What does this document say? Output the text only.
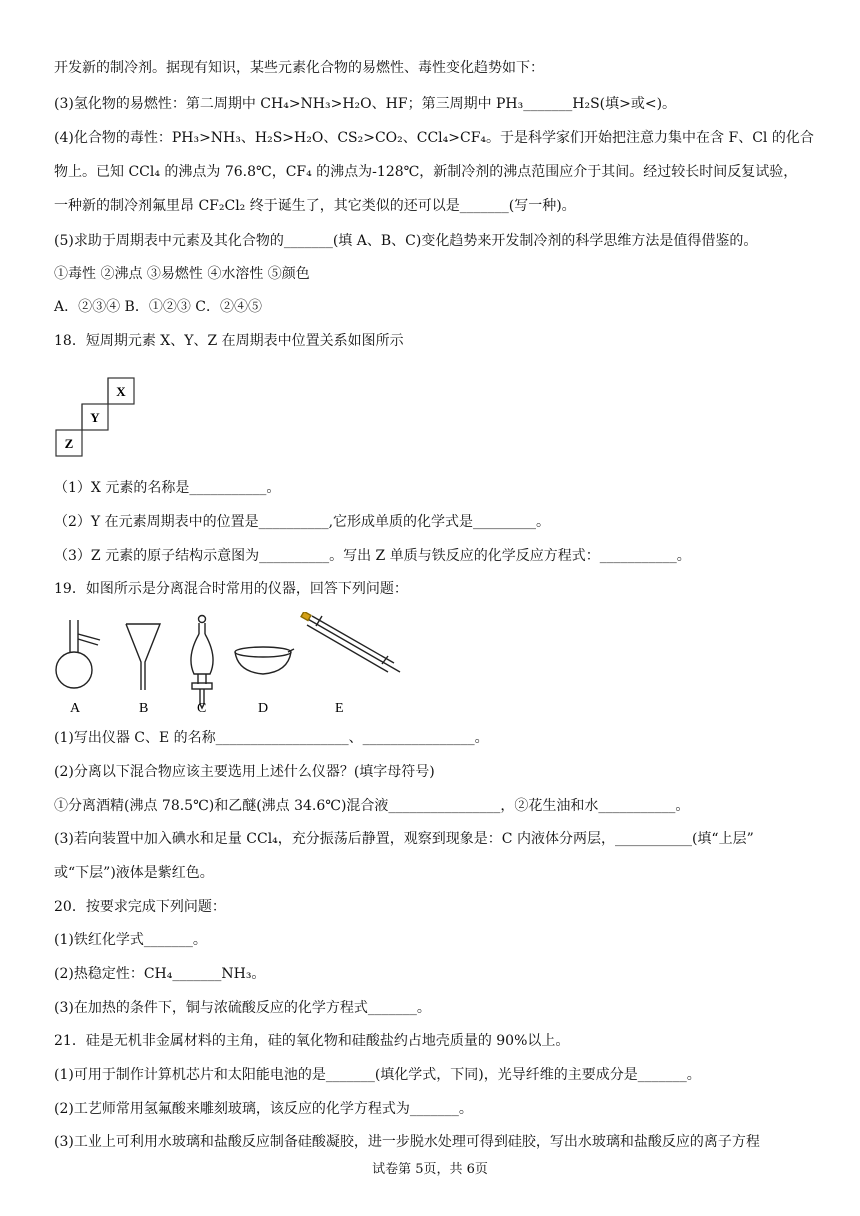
开发新的制冷剂。据现有知识，某些元素化合物的易燃性、毒性变化趋势如下：
(3)氢化物的易燃性：第二周期中 CH₄>NH₃>H₂O、HF；第三周期中 PH₃_______H₂S(填>或<)。
(4)化合物的毒性：PH₃>NH₃、H₂S>H₂O、CS₂>CO₂、CCl₄>CF₄。于是科学家们开始把注意力集中在含 F、Cl 的化合
物上。已知 CCl₄ 的沸点为 76.8℃，CF₄ 的沸点为-128℃，新制冷剂的沸点范围应介于其间。经过较长时间反复试验，
一种新的制冷剂氟里昂 CF₂Cl₂ 终于诞生了，其它类似的还可以是_______(写一种)。
(5)求助于周期表中元素及其化合物的_______(填 A、B、C)变化趋势来开发制冷剂的科学思维方法是值得借鉴的。
①毒性 ②沸点 ③易燃性 ④水溶性 ⑤颜色
A．②③④ B．①②③ C．②④⑤
18．短周期元素 X、Y、Z 在周期表中位置关系如图所示
X
Y
Z
（1）X 元素的名称是___________。
（2）Y 在元素周期表中的位置是__________,它形成单质的化学式是_________。
（3）Z 元素的原子结构示意图为__________。写出 Z 单质与铁反应的化学反应方程式：___________。
19．如图所示是分离混合时常用的仪器，回答下列问题：
A	B	C	D	E
(1)写出仪器 C、E 的名称___________________、________________。
(2)分离以下混合物应该主要选用上述什么仪器？(填字母符号)
①分离酒精(沸点 78.5℃)和乙醚(沸点 34.6℃)混合液________________，②花生油和水___________。
(3)若向装置中加入碘水和足量 CCl₄，充分振荡后静置，观察到现象是：C 内液体分两层，___________(填“上层”
或“下层”)液体是紫红色。
20．按要求完成下列问题：
(1)铁红化学式_______。
(2)热稳定性：CH₄_______NH₃。
(3)在加热的条件下，铜与浓硫酸反应的化学方程式_______。
21．硅是无机非金属材料的主角，硅的氧化物和硅酸盐约占地壳质量的 90%以上。
(1)可用于制作计算机芯片和太阳能电池的是_______(填化学式，下同)，光导纤维的主要成分是_______。
(2)工艺师常用氢氟酸来雕刻玻璃，该反应的化学方程式为_______。
(3)工业上可利用水玻璃和盐酸反应制备硅酸凝胶，进一步脱水处理可得到硅胶，写出水玻璃和盐酸反应的离子方程
试卷第 5页，共 6页
